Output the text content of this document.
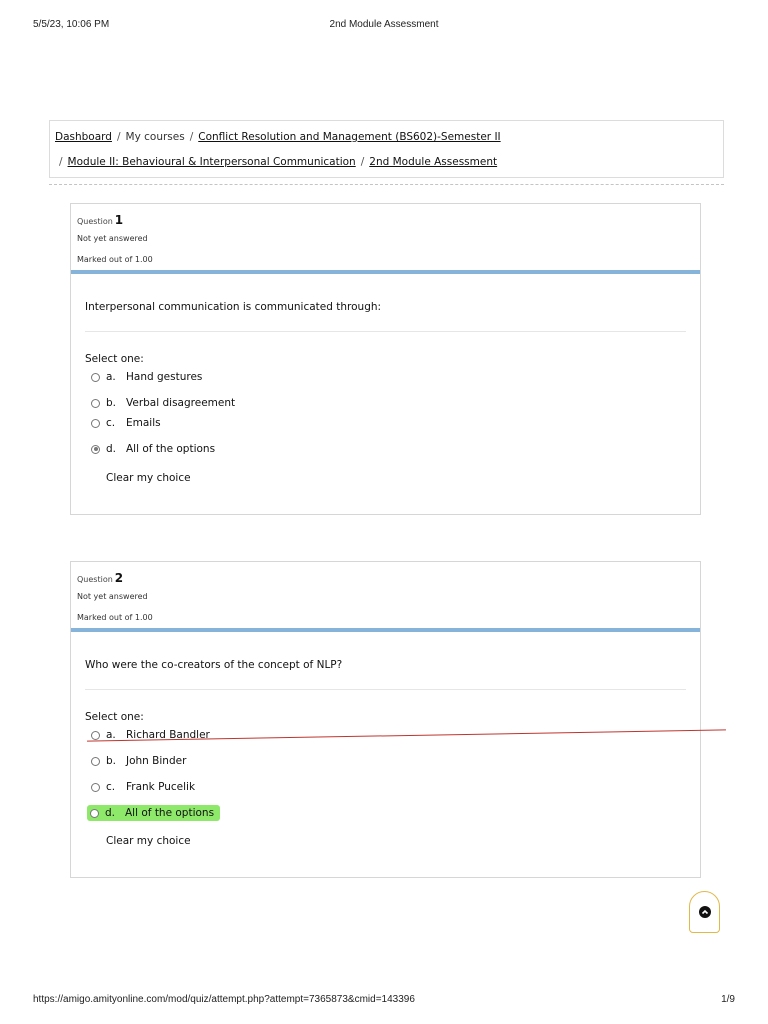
5/5/23, 10:06 PM	2nd Module Assessment
Dashboard / My courses / Conflict Resolution and Management (BS602)-Semester II
/ Module II: Behavioural & Interpersonal Communication / 2nd Module Assessment
Question 1
Not yet answered
Marked out of 1.00
Interpersonal communication is communicated through:
Select one:
a. Hand gestures
b. Verbal disagreement
c.	Emails
d. All of the options
Clear my choice
Question 2
Not yet answered
Marked out of 1.00
Who were the co-creators of the concept of NLP?
Select one:
a. Richard Bandler
b. John Binder
c.	Frank Pucelik
d. All of the options
Clear my choice
https://amigo.amityonline.com/mod/quiz/attempt.php?attempt=7365873&cmid=143396	1/9
